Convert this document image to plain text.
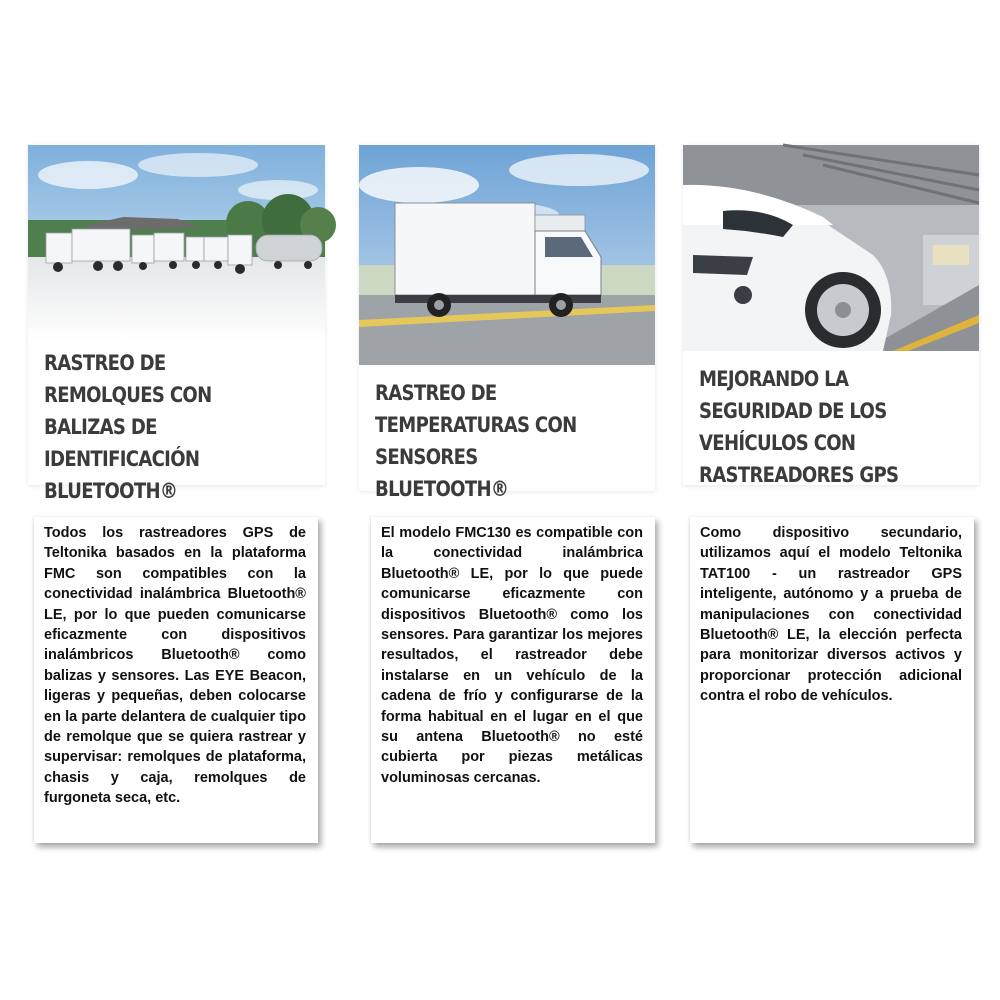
RASTREO DE REMOLQUES CON BALIZAS DE IDENTIFICACIÓN BLUETOOTH®
RASTREO DE TEMPERATURAS CON SENSORES BLUETOOTH®
MEJORANDO LA SEGURIDAD DE LOS VEHÍCULOS CON RASTREADORES GPS

Todos los rastreadores GPS de Teltonika basados en la plataforma FMC son compatibles con la conectividad inalámbrica Bluetooth® LE, por lo que pueden comunicarse eficazmente con dispositivos inalámbricos Bluetooth® como balizas y sensores. Las EYE Beacon, ligeras y pequeñas, deben colocarse en la parte delantera de cualquier tipo de remolque que se quiera rastrear y supervisar: remolques de plataforma, chasis y caja, remolques de furgoneta seca, etc.

El modelo FMC130 es compatible con la conectividad inalámbrica Bluetooth® LE, por lo que puede comunicarse eficazmente con dispositivos Bluetooth® como los sensores. Para garantizar los mejores resultados, el rastreador debe instalarse en un vehículo de la cadena de frío y configurarse de la forma habitual en el lugar en el que su antena Bluetooth® no esté cubierta por piezas metálicas voluminosas cercanas.

Como dispositivo secundario, utilizamos aquí el modelo Teltonika TAT100 - un rastreador GPS inteligente, autónomo y a prueba de manipulaciones con conectividad Bluetooth® LE, la elección perfecta para monitorizar diversos activos y proporcionar protección adicional contra el robo de vehículos.
